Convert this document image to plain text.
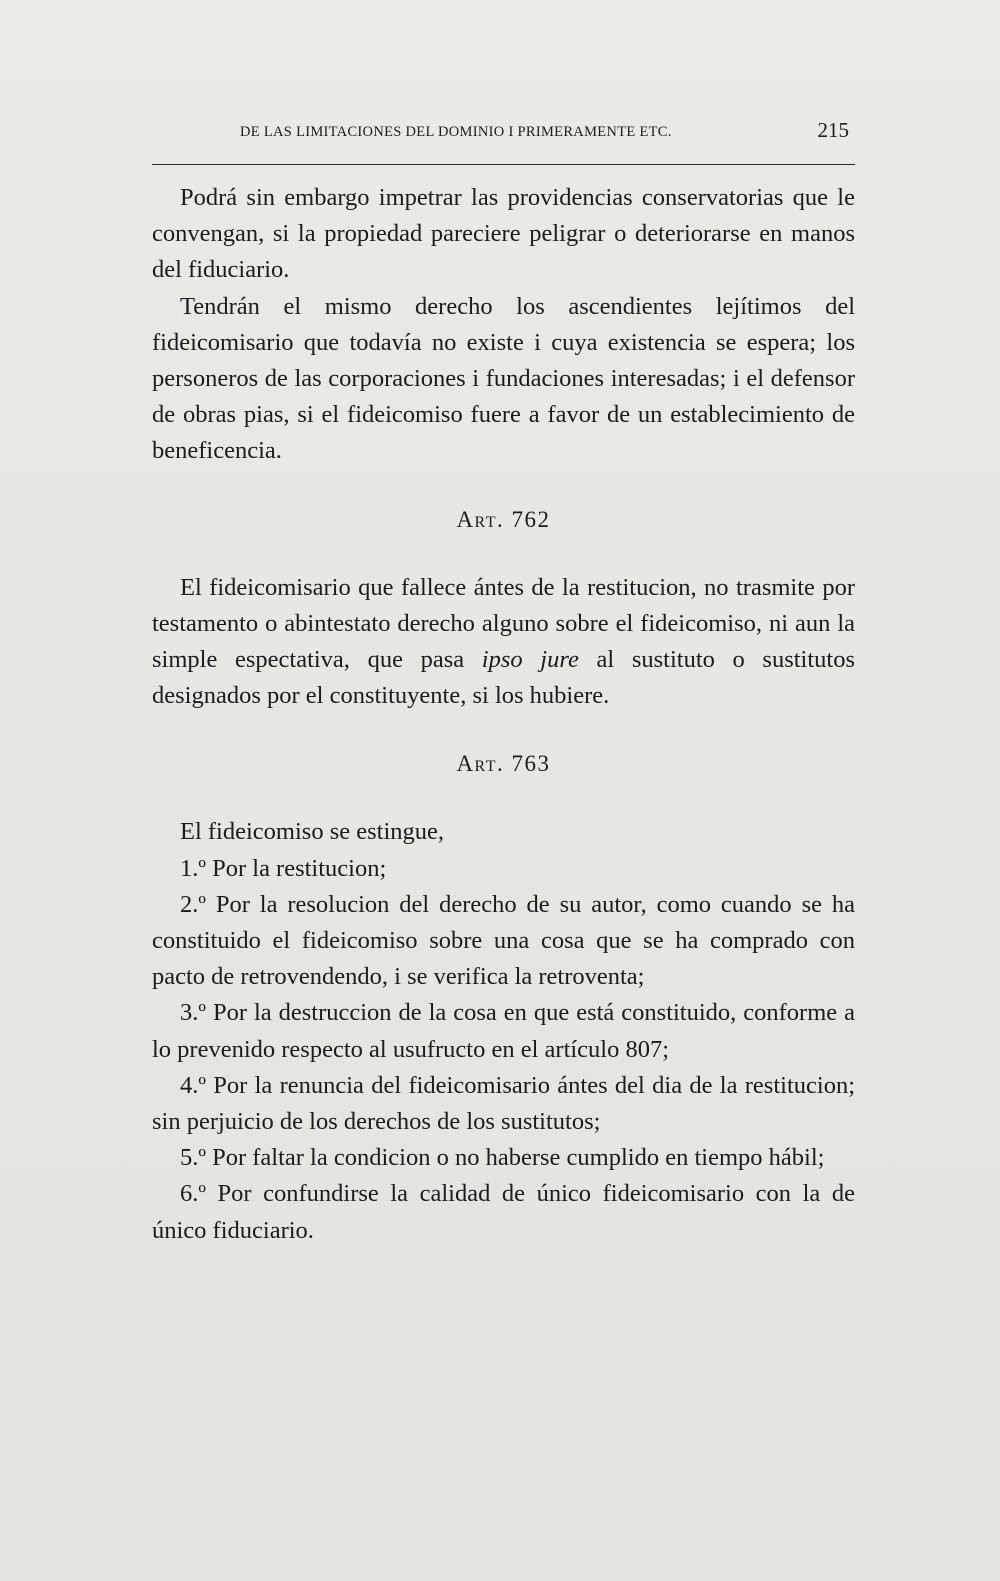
DE LAS LIMITACIONES DEL DOMINIO I PRIMERAMENTE ETC.	215

Podrá sin embargo impetrar las providencias conservatorias que le convengan, si la propiedad pareciere peligrar o deteriorarse en manos del fiduciario.

Tendrán el mismo derecho los ascendientes lejítimos del fideicomisario que todavía no existe i cuya existencia se espera; los personeros de las corporaciones i fundaciones interesadas; i el defensor de obras pias, si el fideicomiso fuere a favor de un establecimiento de beneficencia.

Art. 762

El fideicomisario que fallece ántes de la restitucion, no trasmite por testamento o abintestato derecho alguno sobre el fideicomiso, ni aun la simple espectativa, que pasa ipso jure al sustituto o sustitutos designados por el constituyente, si los hubiere.

Art. 763

El fideicomiso se estingue,

1.º Por la restitucion;

2.º Por la resolucion del derecho de su autor, como cuando se ha constituido el fideicomiso sobre una cosa que se ha comprado con pacto de retrovendendo, i se verifica la retroventa;

3.º Por la destruccion de la cosa en que está constituido, conforme a lo prevenido respecto al usufructo en el artículo 807;

4.º Por la renuncia del fideicomisario ántes del dia de la restitucion; sin perjuicio de los derechos de los sustitutos;

5.º Por faltar la condicion o no haberse cumplido en tiempo hábil;

6.º Por confundirse la calidad de único fideicomisario con la de único fiduciario.
